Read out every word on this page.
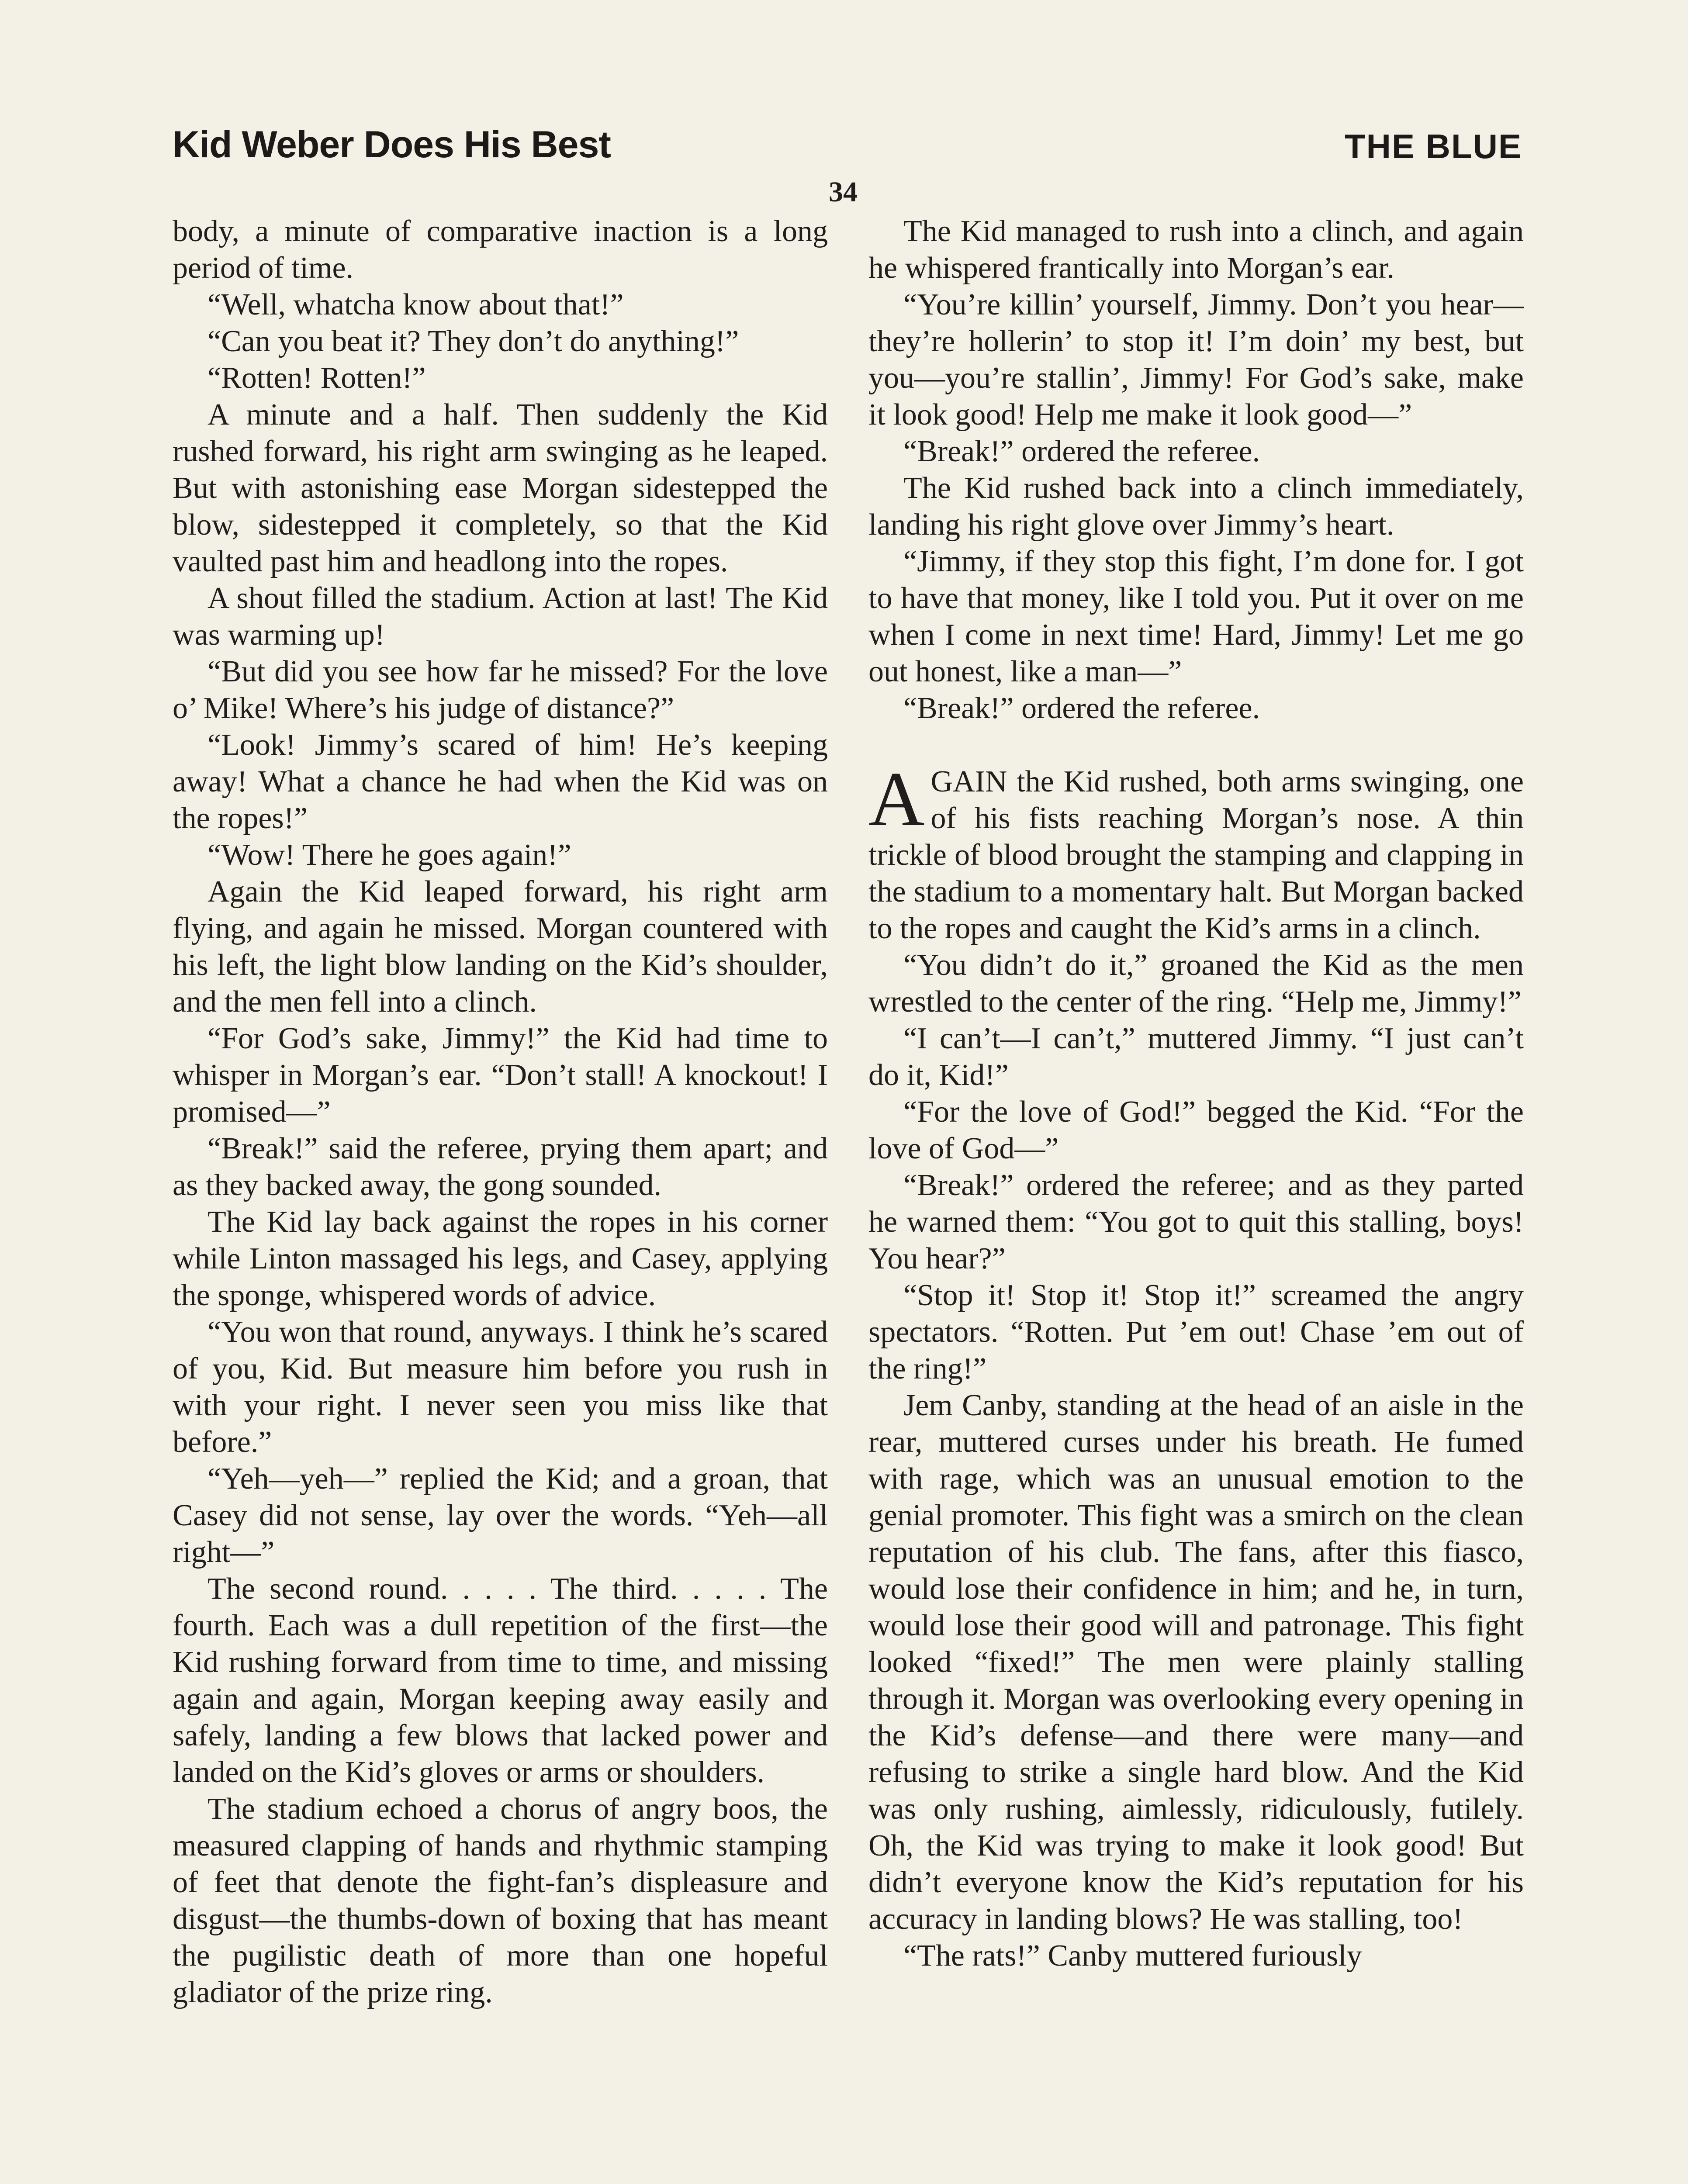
Kid Weber Does His Best	THE BLUE
34

body, a minute of comparative inaction is a long period of time.

“Well, whatcha know about that!”

“Can you beat it? They don’t do anything!”

“Rotten! Rotten!”

A minute and a half. Then suddenly the Kid rushed forward, his right arm swinging as he leaped. But with astonishing ease Morgan sidestepped the blow, sidestepped it completely, so that the Kid vaulted past him and headlong into the ropes.

A shout filled the stadium. Action at last! The Kid was warming up!

“But did you see how far he missed? For the love o’ Mike! Where’s his judge of distance?”

“Look! Jimmy’s scared of him! He’s keeping away! What a chance he had when the Kid was on the ropes!”

“Wow! There he goes again!”

Again the Kid leaped forward, his right arm flying, and again he missed. Morgan countered with his left, the light blow landing on the Kid’s shoulder, and the men fell into a clinch.

“For God’s sake, Jimmy!” the Kid had time to whisper in Morgan’s ear. “Don’t stall! A knockout! I promised—”

“Break!” said the referee, prying them apart; and as they backed away, the gong sounded.

The Kid lay back against the ropes in his corner while Linton massaged his legs, and Casey, applying the sponge, whispered words of advice.

“You won that round, anyways. I think he’s scared of you, Kid. But measure him before you rush in with your right. I never seen you miss like that before.”

“Yeh—yeh—” replied the Kid; and a groan, that Casey did not sense, lay over the words. “Yeh—all right—”

The second round. . . . . The third. . . . . The fourth. Each was a dull repetition of the first—the Kid rushing forward from time to time, and missing again and again, Morgan keeping away easily and safely, landing a few blows that lacked power and landed on the Kid’s gloves or arms or shoulders.

The stadium echoed a chorus of angry boos, the measured clapping of hands and rhythmic stamping of feet that denote the fight-fan’s displeasure and disgust—the thumbs-down of boxing that has meant the pugilistic death of more than one hopeful gladiator of the prize ring.

The Kid managed to rush into a clinch, and again he whispered frantically into Morgan’s ear.

“You’re killin’ yourself, Jimmy. Don’t you hear—they’re hollerin’ to stop it! I’m doin’ my best, but you—you’re stallin’, Jimmy! For God’s sake, make it look good! Help me make it look good—”

“Break!” ordered the referee.

The Kid rushed back into a clinch immediately, landing his right glove over Jimmy’s heart.

“Jimmy, if they stop this fight, I’m done for. I got to have that money, like I told you. Put it over on me when I come in next time! Hard, Jimmy! Let me go out honest, like a man—”

“Break!” ordered the referee.

AGAIN the Kid rushed, both arms swinging, one of his fists reaching Morgan’s nose. A thin trickle of blood brought the stamping and clapping in the stadium to a momentary halt. But Morgan backed to the ropes and caught the Kid’s arms in a clinch.

“You didn’t do it,” groaned the Kid as the men wrestled to the center of the ring. “Help me, Jimmy!”

“I can’t—I can’t,” muttered Jimmy. “I just can’t do it, Kid!”

“For the love of God!” begged the Kid. “For the love of God—”

“Break!” ordered the referee; and as they parted he warned them: “You got to quit this stalling, boys! You hear?”

“Stop it! Stop it! Stop it!” screamed the angry spectators. “Rotten. Put ’em out! Chase ’em out of the ring!”

Jem Canby, standing at the head of an aisle in the rear, muttered curses under his breath. He fumed with rage, which was an unusual emotion to the genial promoter. This fight was a smirch on the clean reputation of his club. The fans, after this fiasco, would lose their confidence in him; and he, in turn, would lose their good will and patronage. This fight looked “fixed!” The men were plainly stalling through it. Morgan was overlooking every opening in the Kid’s defense—and there were many—and refusing to strike a single hard blow. And the Kid was only rushing, aimlessly, ridiculously, futilely. Oh, the Kid was trying to make it look good! But didn’t everyone know the Kid’s reputation for his accuracy in landing blows? He was stalling, too!

“The rats!” Canby muttered furiously
